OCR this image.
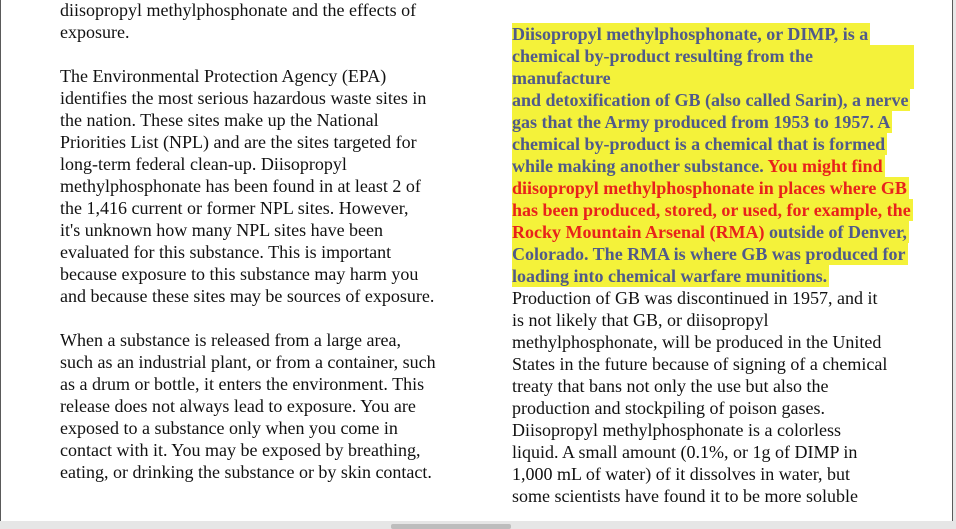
diisopropyl methylphosphonate and the effects of
exposure.

The Environmental Protection Agency (EPA)
identifies the most serious hazardous waste sites in
the nation. These sites make up the National
Priorities List (NPL) and are the sites targeted for
long-term federal clean-up. Diisopropyl
methylphosphonate has been found in at least 2 of
the 1,416 current or former NPL sites. However,
it's unknown how many NPL sites have been
evaluated for this substance. This is important
because exposure to this substance may harm you
and because these sites may be sources of exposure.

When a substance is released from a large area,
such as an industrial plant, or from a container, such
as a drum or bottle, it enters the environment. This
release does not always lead to exposure. You are
exposed to a substance only when you come in
contact with it. You may be exposed by breathing,
eating, or drinking the substance or by skin contact.

Diisopropyl methylphosphonate, or DIMP, is a
chemical by-product resulting from the manufacture
and detoxification of GB (also called Sarin), a nerve
gas that the Army produced from 1953 to 1957. A
chemical by-product is a chemical that is formed
while making another substance. You might find
diisopropyl methylphosphonate in places where GB
has been produced, stored, or used, for example, the
Rocky Mountain Arsenal (RMA) outside of Denver,
Colorado. The RMA is where GB was produced for
loading into chemical warfare munitions.

Production of GB was discontinued in 1957, and it
is not likely that GB, or diisopropyl
methylphosphonate, will be produced in the United
States in the future because of signing of a chemical
treaty that bans not only the use but also the
production and stockpiling of poison gases.
Diisopropyl methylphosphonate is a colorless
liquid. A small amount (0.1%, or 1g of DIMP in
1,000 mL of water) of it dissolves in water, but
some scientists have found it to be more soluble
